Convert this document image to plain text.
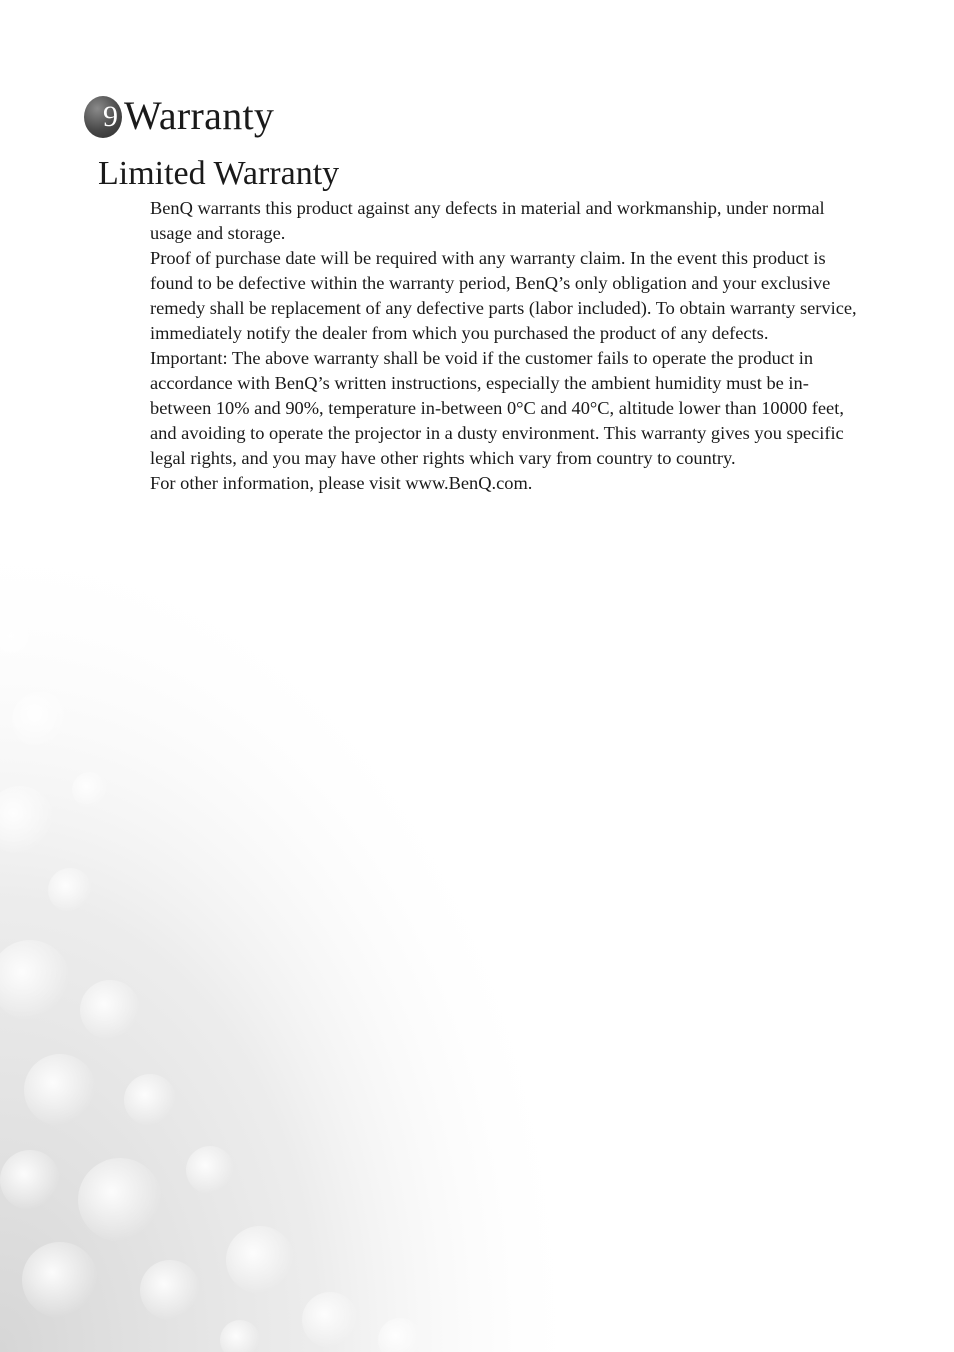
9 Warranty
Limited Warranty

BenQ warrants this product against any defects in material and workmanship, under normal usage and storage.

Proof of purchase date will be required with any warranty claim. In the event this product is found to be defective within the warranty period, BenQ’s only obligation and your exclusive remedy shall be replacement of any defective parts (labor included). To obtain warranty service, immediately notify the dealer from which you purchased the product of any defects.

Important: The above warranty shall be void if the customer fails to operate the product in accordance with BenQ’s written instructions, especially the ambient humidity must be in-between 10% and 90%, temperature in-between 0°C and 40°C, altitude lower than 10000 feet, and avoiding to operate the projector in a dusty environment. This warranty gives you specific legal rights, and you may have other rights which vary from country to country.

For other information, please visit www.BenQ.com.
